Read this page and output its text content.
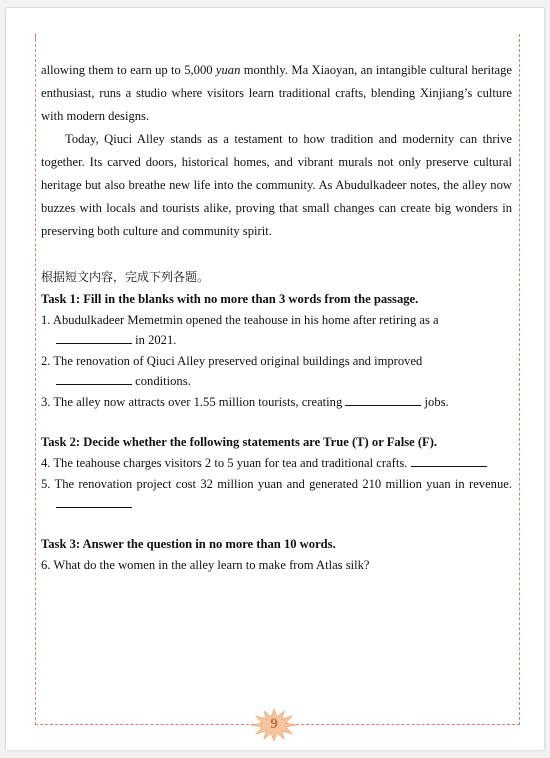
allowing them to earn up to 5,000 yuan monthly. Ma Xiaoyan, an intangible cultural heritage enthusiast, runs a studio where visitors learn traditional crafts, blending Xinjiang’s culture with modern designs.

Today, Qiuci Alley stands as a testament to how tradition and modernity can thrive together. Its carved doors, historical homes, and vibrant murals not only preserve cultural heritage but also breathe new life into the community. As Abudulkadeer notes, the alley now buzzes with locals and tourists alike, proving that small changes can create big wonders in preserving both culture and community spirit.

根据短文内容，完成下列各题。

Task 1: Fill in the blanks with no more than 3 words from the passage.

1. Abudulkadeer Memetmin opened the teahouse in his home after retiring as a
in 2021.

2. The renovation of Qiuci Alley preserved original buildings and improved
conditions.

3. The alley now attracts over 1.55 million tourists, creating	jobs.

Task 2: Decide whether the following statements are True (T) or False (F).

4. The teahouse charges visitors 2 to 5 yuan for tea and traditional crafts.

5. The renovation project cost 32 million yuan and generated 210 million yuan in revenue.

Task 3: Answer the question in no more than 10 words.

6. What do the women in the alley learn to make from Atlas silk?

9
